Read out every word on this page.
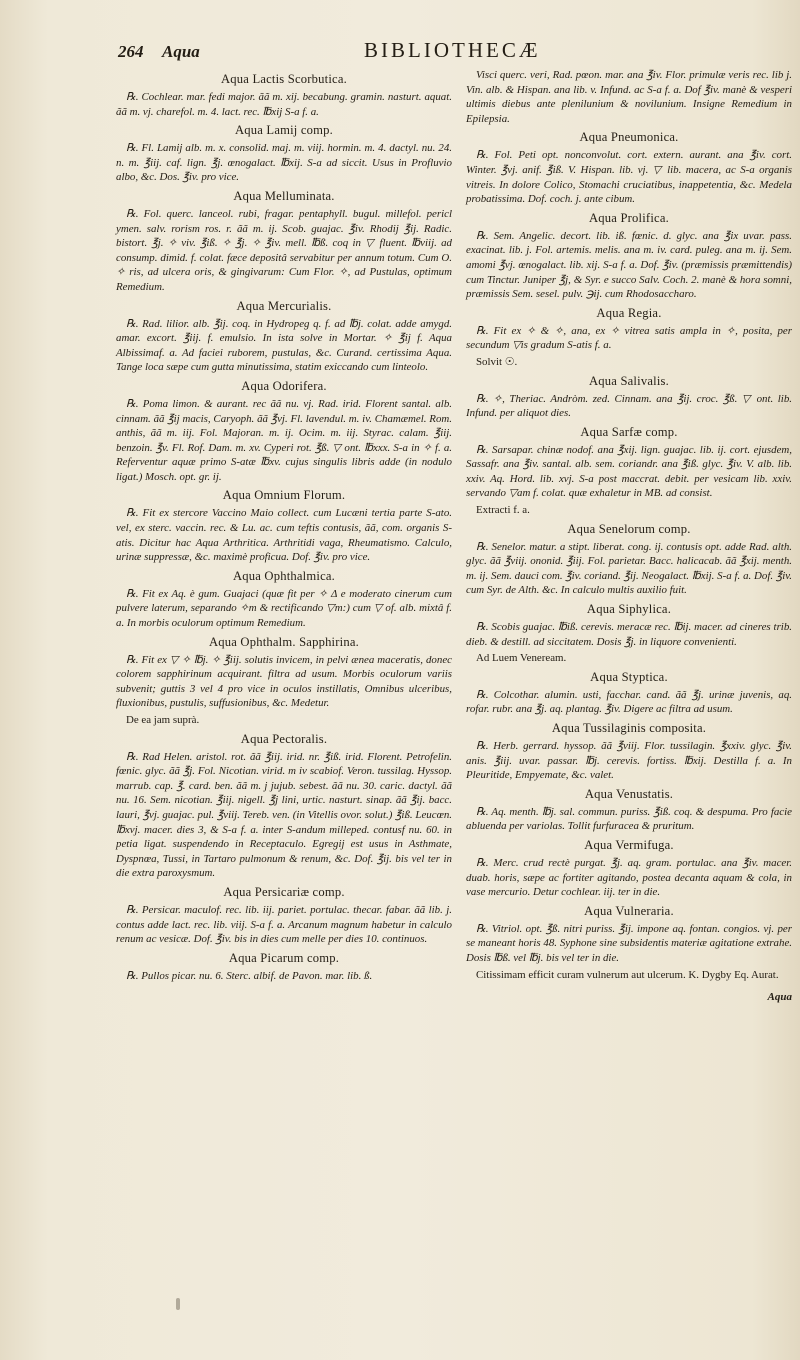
264 Aqua	BIBLIOTHECÆ
Aqua Lactis Scorbutica.
℞. Cochlear. mar. fedi major. ãã m. xij. becabung. gramin. nasturt. aquat. ãã m. vj. charefol. m. 4. lact. rec. ℔xij S-a f. a.
Aqua Lamij comp.
℞. Fl. Lamij alb. m. x. consolid. maj. m. viij. hormin. m. 4. dactyl. nu. 24. n. m. ℥iij. caf. lign. ℥j. œnogalact. ℔xij. S-a ad siccit. Usus in Profluvio albo, &c. Dos. ℥iv. pro vice.
Aqua Melluminata.
℞. Fol. querc. lanceol. rubi, fragar. pentaphyll. bugul. millefol. pericl ymen. salv. rorism ros. r. ãã m. ij. Scob. guajac. ℥iv. Rhodij ℥ij. Radic. bistort. ℥j. ✧ viv. ℥iß. ✧ ℥j. ✧ ℥iv. mell. ℔ß. coq in ▽ fluent. ℔viij. ad consump. dimid. f. colat. fæce depositâ servabitur per annum totum. Cum O. ✧ ris, ad ulcera oris, & gingivarum: Cum Flor. ✧, ad Pustulas, optimum Remedium.
Aqua Mercurialis.
℞. Rad. lilior. alb. ℥ij. coq. in Hydropeg q. f. ad ℔j. colat. adde amygd. amar. excort. ℥iij. f. emulsio. In ista solve in Mortar. ✧ ℥ij f. Aqua Albissimaf. a. Ad faciei ruborem, pustulas, &c. Curand. certissima Aqua. Tange loca sæpe cum gutta minutissima, statim exiccando cum linteolo.
Aqua Odorifera.
℞. Poma limon. & aurant. rec ãã nu. vj. Rad. irid. Florent santal. alb. cinnam. ãã ℥ij macis, Caryoph. ãã ℥vj. Fl. lavendul. m. iv. Chamæmel. Rom. anthis, ãã m. iij. Fol. Majoran. m. ij. Ocim. m. iij. Styrac. calam. ℥iij. benzoin. ℥v. Fl. Rof. Dam. m. xv. Cyperi rot. ℥ß. ▽ ont. ℔xxx. S-a in ✧ f. a. Referventur aquæ primo S-atæ ℔xv. cujus singulis libris adde (in nodulo ligat.) Mosch. opt. gr. ij.
Aqua Omnium Florum.
℞. Fit ex stercore Vaccino Maio collect. cum Lucæni tertia parte S-ato. vel, ex sterc. vaccin. rec. & Lu. ac. cum teftis contusis, ãã, com. organis S-atis. Dicitur hac Aqua Arthritica. Arthritidi vaga, Rheumatismo. Calculo, urinæ suppressæ, &c. maximè proficua. Dof. ℥iv. pro vice.
Aqua Ophthalmica.
℞. Fit ex Aq. è gum. Guajaci (quæ fit per ✧ Δ e moderato cinerum cum pulvere laterum, separando ✧m & rectificando ▽m:) cum ▽ of. alb. mixtâ f. a. In morbis oculorum optimum Remedium.
Aqua Ophthalm. Sapphirina.
℞. Fit ex ▽ ✧ ℔j. ✧ ℥iij. solutis invicem, in pelvi ænea maceratis, donec colorem sapphirinum acquirant. filtra ad usum. Morbis oculorum variis subvenit; guttis 3 vel 4 pro vice in oculos instillatis, Omnibus ulceribus, fluxionibus, pustulis, suffusionibus, &c. Medetur.
De ea jam suprà.
Aqua Pectoralis.
℞. Rad Helen. aristol. rot. ãã ℥iij. irid. nr. ℥iß. irid. Florent. Petrofelin. fœnic. glyc. ãã ℥j. Fol. Nicotian. virid. m iv scabiof. Veron. tussilag. Hyssop. marrub. cap. ℥. card. ben. ãã m. j jujub. sebest. ãã nu. 30. caric. dactyl. ãã nu. 16. Sem. nicotian. ℥iij. nigell. ℥j lini, urtic. nasturt. sinap. ãã ℥ij. bacc. lauri, ℥vj. guajac. pul. ℥viij. Tereb. ven. (in Vitellis ovor. solut.) ℥iß. Leucœn. ℔xvj. macer. dies 3, & S-a f. a. inter S-andum milleped. contusf nu. 60. in petia ligat. suspendendo in Receptaculo. Egregij est usus in Asthmate, Dyspnœa, Tussi, in Tartaro pulmonum & renum, &c. Dof. ℥ij. bis vel ter in die extra paroxysmum.
Aqua Persicariæ comp.
℞. Persicar. maculof. rec. lib. iij. pariet. portulac. thecar. fabar. ãã lib. j. contus adde lact. rec. lib. viij. S-a f. a. Arcanum magnum habetur in calculo renum ac vesicæ. Dof. ℥iv. bis in dies cum melle per dies 10. continuos.
Aqua Picarum comp.
℞. Pullos picar. nu. 6. Sterc. albif. de Pavon. mar. lib. ß.
Visci querc. veri, Rad. pœon. mar. ana ℥iv. Flor. primulæ veris rec. lib j. Vin. alb. & Hispan. ana lib. v. Infund. ac S-a f. a. Dof ℥iv. manè & vesperi ultimis diebus ante plenilunium & novilunium. Insigne Remedium in Epilepsia.
Aqua Pneumonica.
℞. Fol. Peti opt. nonconvolut. cort. extern. aurant. ana ℥iv. cort. Winter. ℥vj. anif. ℥iß. V. Hispan. lib. vj. ▽ lib. macera, ac S-a organis vitreis. In dolore Colico, Stomachi cruciatibus, inappetentia, &c. Medela probatissima. Dof. coch. j. ante cibum.
Aqua Prolifica.
℞. Sem. Angelic. decort. lib. iß. fœnic. d. glyc. ana ℥ix uvar. pass. exacinat. lib. j. Fol. artemis. melis. ana m. iv. card. puleg. ana m. ij. Sem. amomi ℥vj. œnogalact. lib. xij. S-a f. a. Dof. ℥iv. (præmissis præmittendis) cum Tinctur. Juniper ℥j, & Syr. e succo Salv. Coch. 2. manè & hora somni, præmissis Sem. sesel. pulv. ℈ij. cum Rhodosaccharo.
Aqua Regia.
℞. Fit ex ✧ & ✧, ana, ex ✧ vitrea satis ampla in ✧, posita, per secundum ▽is gradum S-atis f. a.
Solvit ☉.
Aqua Salivalis.
℞. ✧, Theriac. Andròm. zed. Cinnam. ana ℥ij. croc. ℥ß. ▽ ont. lib. Infund. per aliquot dies.
Aqua Sarfæ comp.
℞. Sarsapar. chinæ nodof. ana ℥xij. lign. guajac. lib. ij. cort. ejusdem, Sassafr. ana ℥iv. santal. alb. sem. coriandr. ana ℥iß. glyc. ℥iv. V. alb. lib. xxiv. Aq. Hord. lib. xvj. S-a post maccrat. debit. per vesicam lib. xxiv. servando ▽am f. colat. quæ exhaletur in MB. ad consist.
Extracti f. a.
Aqua Senelorum comp.
℞. Senelor. matur. a stipt. liberat. cong. ij. contusis opt. adde Rad. alth. glyc. ãã ℥viij. ononid. ℥iij. Fol. parietar. Bacc. halicacab. ãã ℥xij. menth. m. ij. Sem. dauci com. ℥iv. coriand. ℥ij. Neogalact. ℔xij. S-a f. a. Dof. ℥iv. cum Syr. de Alth. &c. In calculo multis auxilio fuit.
Aqua Siphylica.
℞. Scobis guajac. ℔iß. cerevis. meracæ rec. ℔ij. macer. ad cineres trib. dieb. & destill. ad siccitatem. Dosis ℥j. in liquore convenienti.
Ad Luem Veneream.
Aqua Styptica.
℞. Colcothar. alumin. usti, facchar. cand. ãã ℥j. urinæ juvenis, aq. rofar. rubr. ana ℥j. aq. plantag. ℥iv. Digere ac filtra ad usum.
Aqua Tussilaginis composita.
℞. Herb. gerrard. hyssop. ãã ℥viij. Flor. tussilagin. ℥xxiv. glyc. ℥iv. anis. ℥iij. uvar. passar. ℔j. cerevis. fortiss. ℔xij. Destilla f. a. In Pleuritide, Empyemate, &c. valet.
Aqua Venustatis.
℞. Aq. menth. ℔j. sal. commun. puriss. ℥iß. coq. & despuma. Pro facie abluenda per variolas. Tollit furfuracea & pruritum.
Aqua Vermifuga.
℞. Merc. crud rectè purgat. ℥j. aq. gram. portulac. ana ℥iv. macer. duab. horis, sæpe ac fortiter agitando, postea decanta aquam & cola, in vase mercurio. Detur cochlear. iij. ter in die.
Aqua Vulneraria.
℞. Vitriol. opt. ℥ß. nitri puriss. ℥ij. impone aq. fontan. congios. vj. per se maneant horis 48. Syphone sine subsidentis materiæ agitatione extrahe. Dosis ℔ß. vel ℔j. bis vel ter in die.
Citissimam efficit curam vulnerum aut ulcerum. K. Dygby Eq. Aurat.
Aqua
